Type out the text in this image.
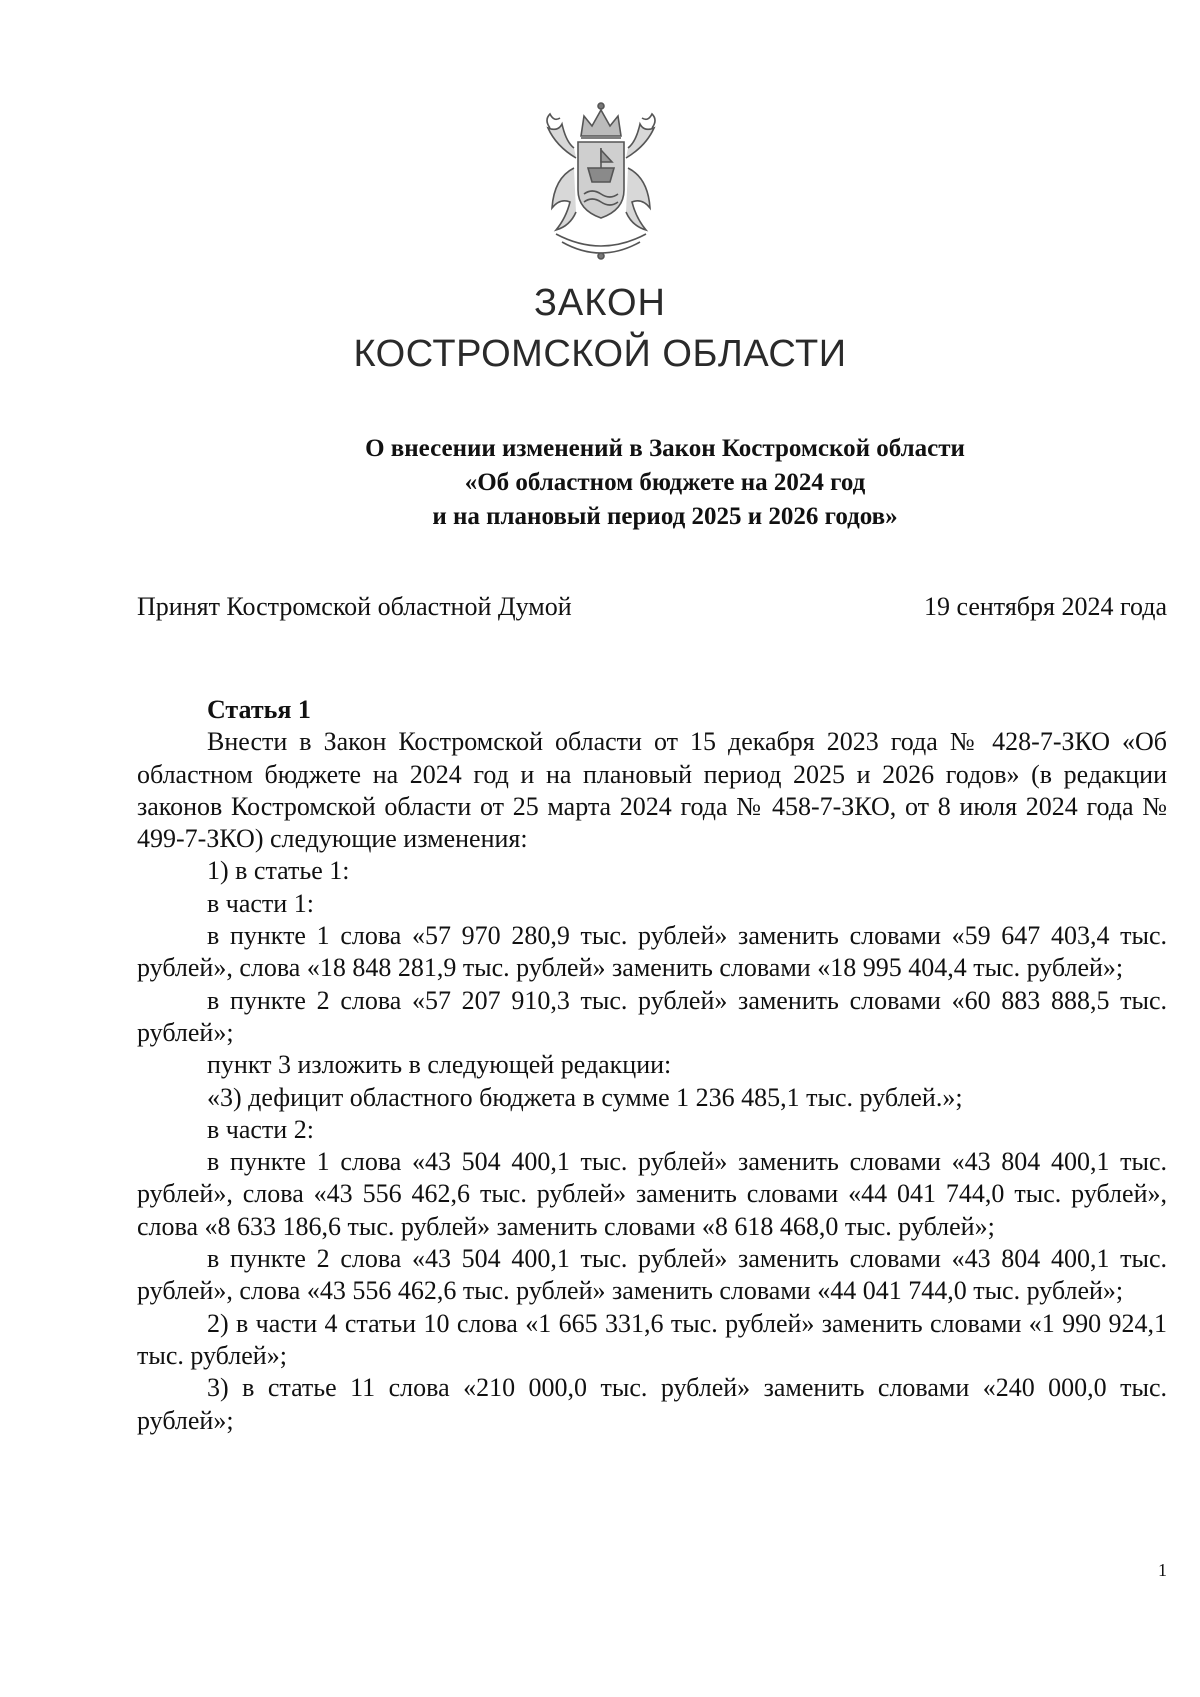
ЗАКОН
КОСТРОМСКОЙ ОБЛАСТИ
О внесении изменений в Закон Костромской области
«Об областном бюджете на 2024 год
и на плановый период 2025 и 2026 годов»
Принят Костромской областной Думой	19 сентября 2024 года
Статья 1

Внести в Закон Костромской области от 15 декабря 2023 года № 428-7-ЗКО «Об областном бюджете на 2024 год и на плановый период 2025 и 2026 годов» (в редакции законов Костромской области от 25 марта 2024 года № 458-7-ЗКО, от 8 июля 2024 года № 499-7-ЗКО) следующие изменения:

1) в статье 1:

в части 1:

в пункте 1 слова «57 970 280,9 тыс. рублей» заменить словами «59 647 403,4 тыс. рублей», слова «18 848 281,9 тыс. рублей» заменить словами «18 995 404,4 тыс. рублей»;

в пункте 2 слова «57 207 910,3 тыс. рублей» заменить словами «60 883 888,5 тыс. рублей»;

пункт 3 изложить в следующей редакции:

«3) дефицит областного бюджета в сумме 1 236 485,1 тыс. рублей.»;

в части 2:

в пункте 1 слова «43 504 400,1 тыс. рублей» заменить словами «43 804 400,1 тыс. рублей», слова «43 556 462,6 тыс. рублей» заменить словами «44 041 744,0 тыс. рублей», слова «8 633 186,6 тыс. рублей» заменить словами «8 618 468,0 тыс. рублей»;

в пункте 2 слова «43 504 400,1 тыс. рублей» заменить словами «43 804 400,1 тыс. рублей», слова «43 556 462,6 тыс. рублей» заменить словами «44 041 744,0 тыс. рублей»;

2) в части 4 статьи 10 слова «1 665 331,6 тыс. рублей» заменить словами «1 990 924,1 тыс. рублей»;

3) в статье 11 слова «210 000,0 тыс. рублей» заменить словами «240 000,0 тыс. рублей»;

1
